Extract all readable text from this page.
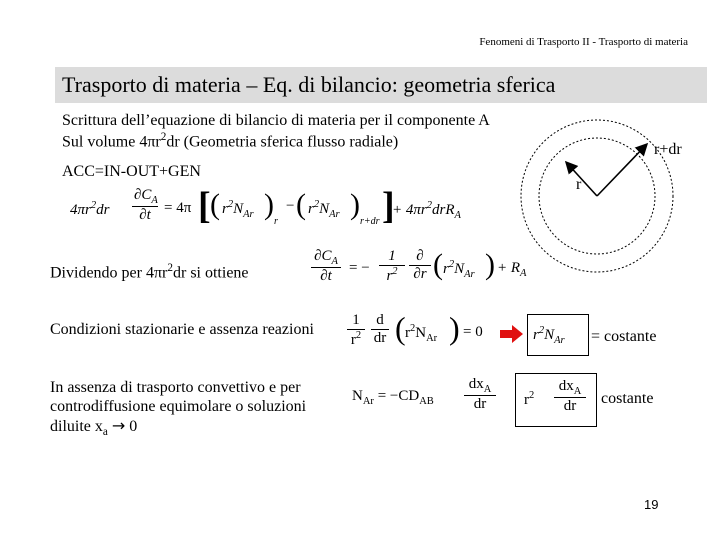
Fenomeni di Trasporto II - Trasporto di materia
Trasporto di materia – Eq. di bilancio: geometria sferica
Scrittura dell’equazione di bilancio di materia per il componente A
Sul volume $4\pi r^2dr$ (Geometria sferica flusso radiale)	r+dr
r
ACC=IN-OUT+GEN
$4\pi r^2dr \frac{\partial C_A}{\partial t} = 4\pi$ [ ( $r^2N_{Ar}$ )
r
− ( $r^2N_{Ar}$ )
r+dr ]
+ $4\pi r^2drR_A$
Dividendo per $4\pi r^2dr$ si ottiene	$\frac{\partial C_A}{\partial t}$ = − $\frac{1}{r^2}$ ∂
∂r ( $r^2N_{Ar}$ ) + $R_A$
Condizioni stazionarie e assenza reazioni $\frac{1}{r^2} \frac{d}{dr}$ ( $r^2N_{Ar}$ ) = 0	$r^2N_{Ar}$ = costante
In assenza di trasporto convettivo e per
controdiffusione equimolare o soluzioni
diluite $x_a \to 0$
$N_{Ar} = -CD_{AB}$
$dx_A$
dr	$r^2$
$dx_A$
dr	costante
19
